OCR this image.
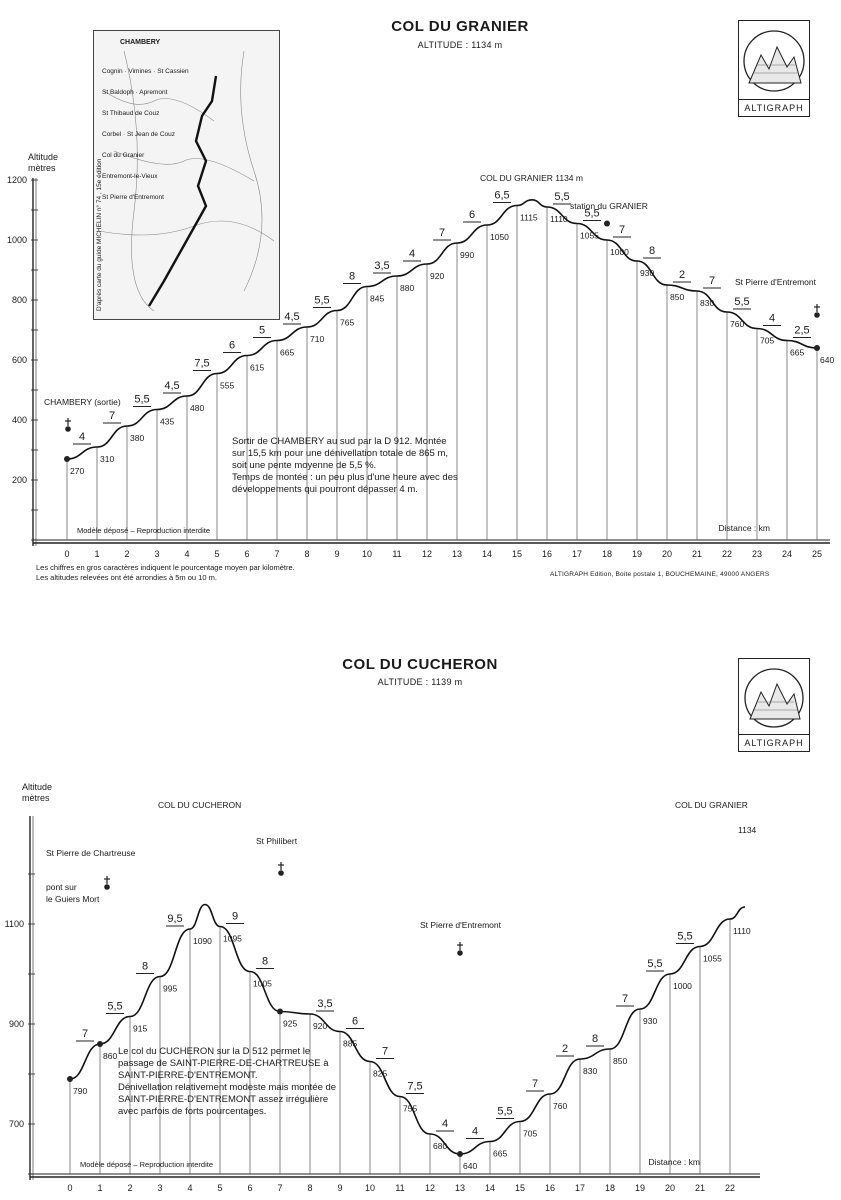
COL DU GRANIER
ALTITUDE : 1134 m
ALTIGRAPH
CHAMBERY
Cognin · Vimines · St Cassien
St Baldoph · Apremont
St Thibaud de Couz
Corbel · St Jean de Couz
Col du Granier
Entremont-le-Vieux
St Pierre d'Entremont
D'après carte du guide MICHELIN n° 74 , 15e édition
Altitude
mètres
1200
1000
800
600
400
200
270
310
380
435
480
555
615
665
710
765
845
880
920
990
1050
1115 1110
1055
1000
930
850
830
760
705
665
640
4
7
5,5
4,5
7,5
6
5
4,5
5,5
8
3,5
4
7
6
6,5	5,5
5,5
7
8
2 7
5,5
4
2,5
0	1	2	3	4	5	6	7	8	9 10 11 12 13 14 15 16 17 18 19 20 21 22 23 24 25
Modèle déposé – Reproduction interdite	Distance : km
CHAMBERY (sortie)
COL DU GRANIER 1134 m
station du GRANIER
St Pierre d'Entremont
Sortir de CHAMBERY au sud par la D 912. Montée
sur 15,5 km pour une dénivellation totale de 865 m,
soit une pente moyenne de 5,5 %.
Temps de montée : un peu plus d'une heure avec des
développements qui pourront dépasser 4 m.
Les chiffres en gros caractères indiquent le pourcentage moyen par kilomètre.
Les altitudes relevées ont été arrondies à 5m ou 10 m.	ALTIGRAPH Edition, Boite postale 1, BOUCHEMAINE, 49000 ANGERS
COL DU CUCHERON
ALTITUDE : 1139 m
ALTIGRAPH
Altitude
mètres
1100
900
700
790
860
915
995
1090 1095
1005
925 920
885
825
755
680
640
665
705
760
830
850
930
1000
1055
1110
7
5,5
8
9,5	9
8
3,5
6
7
7,5
4
4
5,5
7
2
8
7
5,5
5,5
0	1	2	3	4	5	6	7	8	9 10 11 12 13 14 15 16 17 18 19 20 21 22
Modèle déposé – Reproduction interdite	Distance : km
COL DU CUCHERON	COL DU GRANIER
St Pierre de Chartreuse
pont sur
le Guiers Mort
St Philibert
St Pierre d'Entremont
1134
Le col du CUCHERON sur la D 512 permet le
passage de SAINT-PIERRE-DE-CHARTREUSE à
SAINT-PIERRE-D'ENTREMONT.
Dénivellation relativement modeste mais montée de
SAINT-PIERRE-D'ENTREMONT assez irrégulière
avec parfois de forts pourcentages.
